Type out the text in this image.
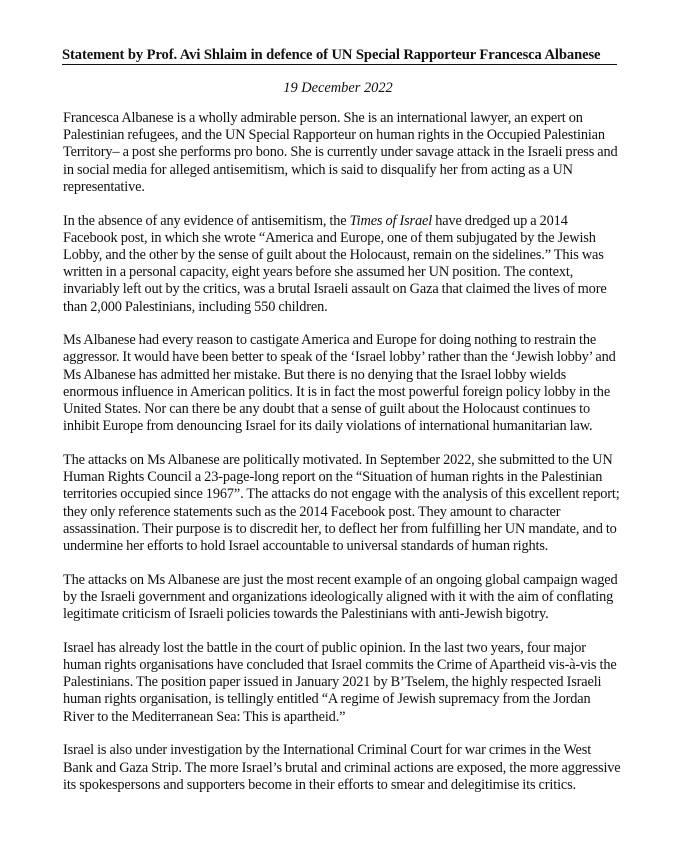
Statement by Prof. Avi Shlaim in defence of UN Special Rapporteur Francesca Albanese
19 December 2022

Francesca Albanese is a wholly admirable person. She is an international lawyer, an expert on Palestinian refugees, and the UN Special Rapporteur on human rights in the Occupied Palestinian Territory– a post she performs pro bono. She is currently under savage attack in the Israeli press and in social media for alleged antisemitism, which is said to disqualify her from acting as a UN representative.

In the absence of any evidence of antisemitism, the Times of Israel have dredged up a 2014 Facebook post, in which she wrote “America and Europe, one of them subjugated by the Jewish Lobby, and the other by the sense of guilt about the Holocaust, remain on the sidelines.” This was written in a personal capacity, eight years before she assumed her UN position. The context, invariably left out by the critics, was a brutal Israeli assault on Gaza that claimed the lives of more than 2,000 Palestinians, including 550 children.

Ms Albanese had every reason to castigate America and Europe for doing nothing to restrain the aggressor. It would have been better to speak of the ‘Israel lobby’ rather than the ‘Jewish lobby’ and Ms Albanese has admitted her mistake. But there is no denying that the Israel lobby wields enormous influence in American politics. It is in fact the most powerful foreign policy lobby in the United States. Nor can there be any doubt that a sense of guilt about the Holocaust continues to inhibit Europe from denouncing Israel for its daily violations of international humanitarian law.

The attacks on Ms Albanese are politically motivated. In September 2022, she submitted to the UN Human Rights Council a 23-page-long report on the “Situation of human rights in the Palestinian territories occupied since 1967”. The attacks do not engage with the analysis of this excellent report; they only reference statements such as the 2014 Facebook post. They amount to character assassination. Their purpose is to discredit her, to deflect her from fulfilling her UN mandate, and to undermine her efforts to hold Israel accountable to universal standards of human rights.

The attacks on Ms Albanese are just the most recent example of an ongoing global campaign waged by the Israeli government and organizations ideologically aligned with it with the aim of conflating legitimate criticism of Israeli policies towards the Palestinians with anti-Jewish bigotry.

Israel has already lost the battle in the court of public opinion. In the last two years, four major human rights organisations have concluded that Israel commits the Crime of Apartheid vis-à-vis the Palestinians. The position paper issued in January 2021 by B’Tselem, the highly respected Israeli human rights organisation, is tellingly entitled “A regime of Jewish supremacy from the Jordan River to the Mediterranean Sea: This is apartheid.”

Israel is also under investigation by the International Criminal Court for war crimes in the West Bank and Gaza Strip. The more Israel’s brutal and criminal actions are exposed, the more aggressive its spokespersons and supporters become in their efforts to smear and delegitimise its critics.
